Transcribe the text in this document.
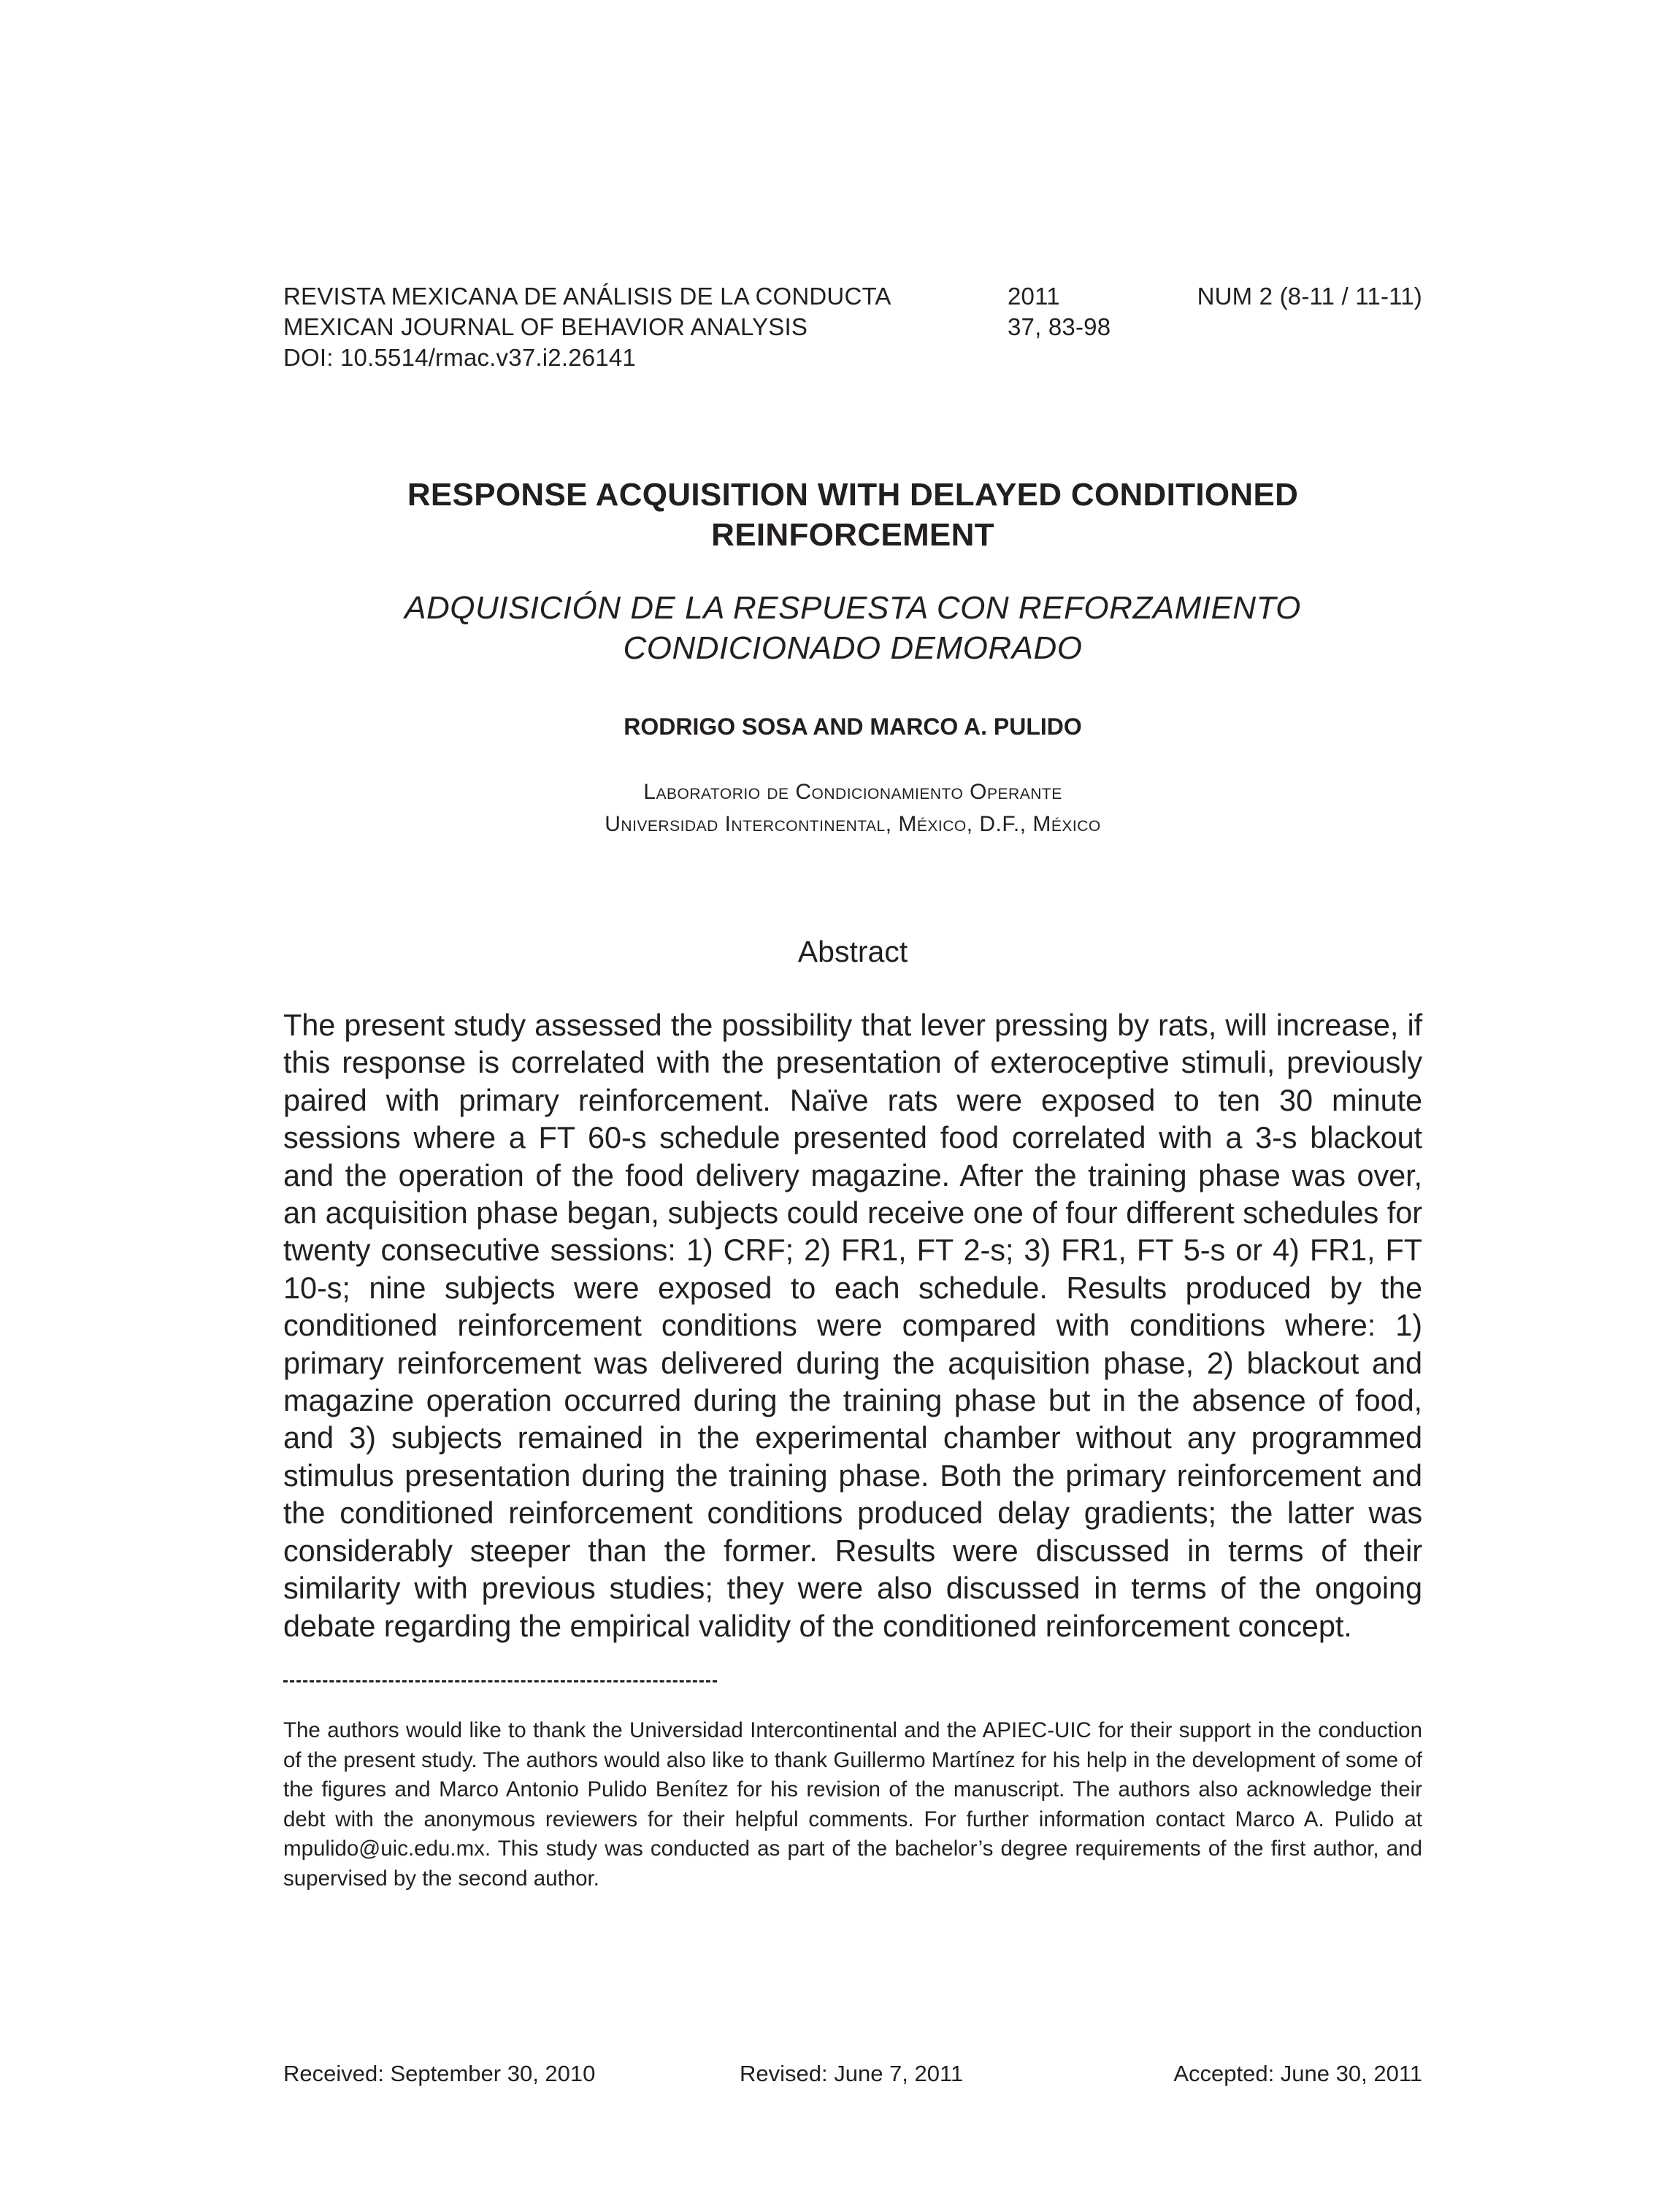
REVISTA MEXICANA DE ANÁLISIS DE LA CONDUCTA	2011	NUM 2 (8-11 / 11-11)
MEXICAN JOURNAL OF BEHAVIOR ANALYSIS	37, 83-98
DOI: 10.5514/rmac.v37.i2.26141
RESPONSE ACQUISITION WITH DELAYED CONDITIONED
REINFORCEMENT
ADQUISICIÓN DE LA RESPUESTA CON REFORZAMIENTO
CONDICIONADO DEMORADO
RODRIGO SOSA AND MARCO A. PULIDO
Laboratorio de Condicionamiento Operante
Universidad Intercontinental, México, D.F., México
Abstract
The present study assessed the possibility that lever pressing by rats, will increase, if this response is correlated with the presentation of exteroceptive stimuli, previously paired with primary reinforcement. Naïve rats were exposed to ten 30 minute sessions where a FT 60-s schedule presented food correlated with a 3-s blackout and the operation of the food delivery magazine. After the training phase was over, an acquisition phase began, subjects could receive one of four different schedules for twenty consecutive sessions: 1) CRF; 2) FR1, FT 2-s; 3) FR1, FT 5-s or 4) FR1, FT 10-s; nine subjects were exposed to each schedule. Results produced by the conditioned reinforcement conditions were compared with conditions where: 1) primary reinforcement was delivered during the acquisition phase, 2) blackout and magazine operation occurred during the training phase but in the absence of food, and 3) subjects remained in the experimental chamber without any programmed stimulus presentation during the training phase. Both the primary reinforcement and the conditioned reinforcement conditions produced delay gradients; the latter was considerably steeper than the former. Results were discussed in terms of their similarity with previous studies; they were also discussed in terms of the ongoing debate regarding the empirical validity of the conditioned reinforcement concept.
The authors would like to thank the Universidad Intercontinental and the APIEC-UIC for their support in the conduction of the present study. The authors would also like to thank Guillermo Martínez for his help in the development of some of the figures and Marco Antonio Pulido Benítez for his revision of the manuscript. The authors also acknowledge their debt with the anonymous reviewers for their helpful comments. For further information contact Marco A. Pulido at mpulido@uic.edu.mx. This study was conducted as part of the bachelor’s degree requirements of the first author, and supervised by the second author.
Received: September 30, 2010	Revised: June 7, 2011	Accepted: June 30, 2011
